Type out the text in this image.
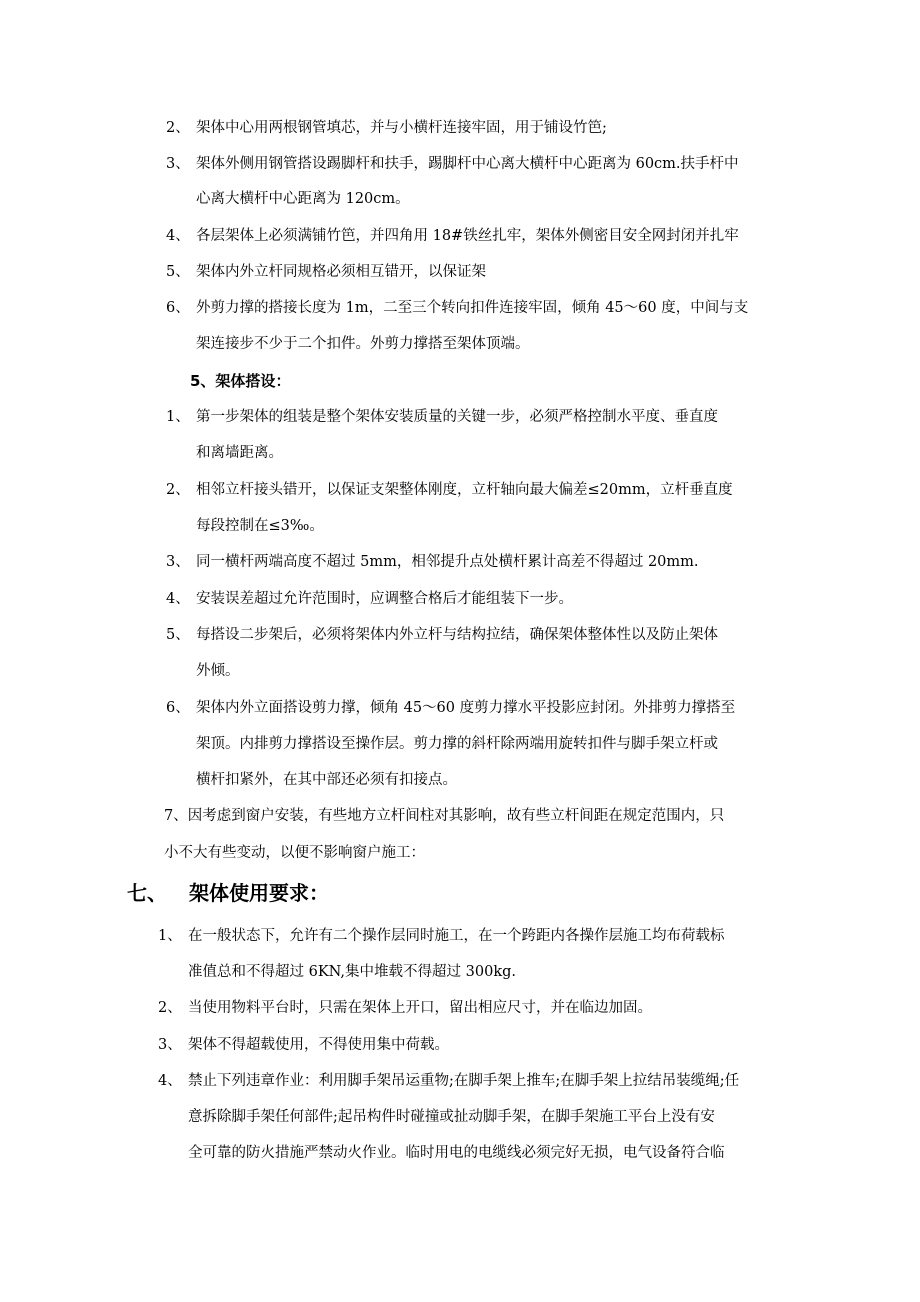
2、 架体中心用两根钢管填芯，并与小横杆连接牢固，用于铺设竹笆;
3、 架体外侧用钢管搭设踢脚杆和扶手，踢脚杆中心离大横杆中心距离为 60cm.扶手杆中
心离大横杆中心距离为 120cm。
4、 各层架体上必须满铺竹笆，并四角用 18#铁丝扎牢，架体外侧密目安全网封闭并扎牢
5、 架体内外立杆同规格必须相互错开，以保证架
6、 外剪力撑的搭接长度为 1m，二至三个转向扣件连接牢固，倾角 45～60 度，中间与支
架连接步不少于二个扣件。外剪力撑搭至架体顶端。
5、架体搭设：
1、 第一步架体的组装是整个架体安装质量的关键一步，必须严格控制水平度、垂直度
和离墙距离。
2、 相邻立杆接头错开，以保证支架整体刚度，立杆轴向最大偏差≤20mm，立杆垂直度
每段控制在≤3‰。
3、 同一横杆两端高度不超过 5mm，相邻提升点处横杆累计高差不得超过 20mm.
4、 安装误差超过允许范围时，应调整合格后才能组装下一步。
5、 每搭设二步架后，必须将架体内外立杆与结构拉结，确保架体整体性以及防止架体
外倾。
6、 架体内外立面搭设剪力撑，倾角 45～60 度剪力撑水平投影应封闭。外排剪力撑搭至
架顶。内排剪力撑搭设至操作层。剪力撑的斜杆除两端用旋转扣件与脚手架立杆或
横杆扣紧外，在其中部还必须有扣接点。
7、因考虑到窗户安装，有些地方立杆间柱对其影响，故有些立杆间距在规定范围内，只
小不大有些变动，以便不影响窗户施工：
七、 架体使用要求：
1、 在一般状态下，允许有二个操作层同时施工，在一个跨距内各操作层施工均布荷载标
准值总和不得超过 6KN,集中堆载不得超过 300kg.
2、 当使用物料平台时，只需在架体上开口，留出相应尺寸，并在临边加固。
3、 架体不得超载使用，不得使用集中荷载。
4、 禁止下列违章作业：利用脚手架吊运重物;在脚手架上推车;在脚手架上拉结吊装缆绳;任
意拆除脚手架任何部件;起吊构件时碰撞或扯动脚手架，在脚手架施工平台上没有安
全可靠的防火措施严禁动火作业。临时用电的电缆线必须完好无损，电气设备符合临
